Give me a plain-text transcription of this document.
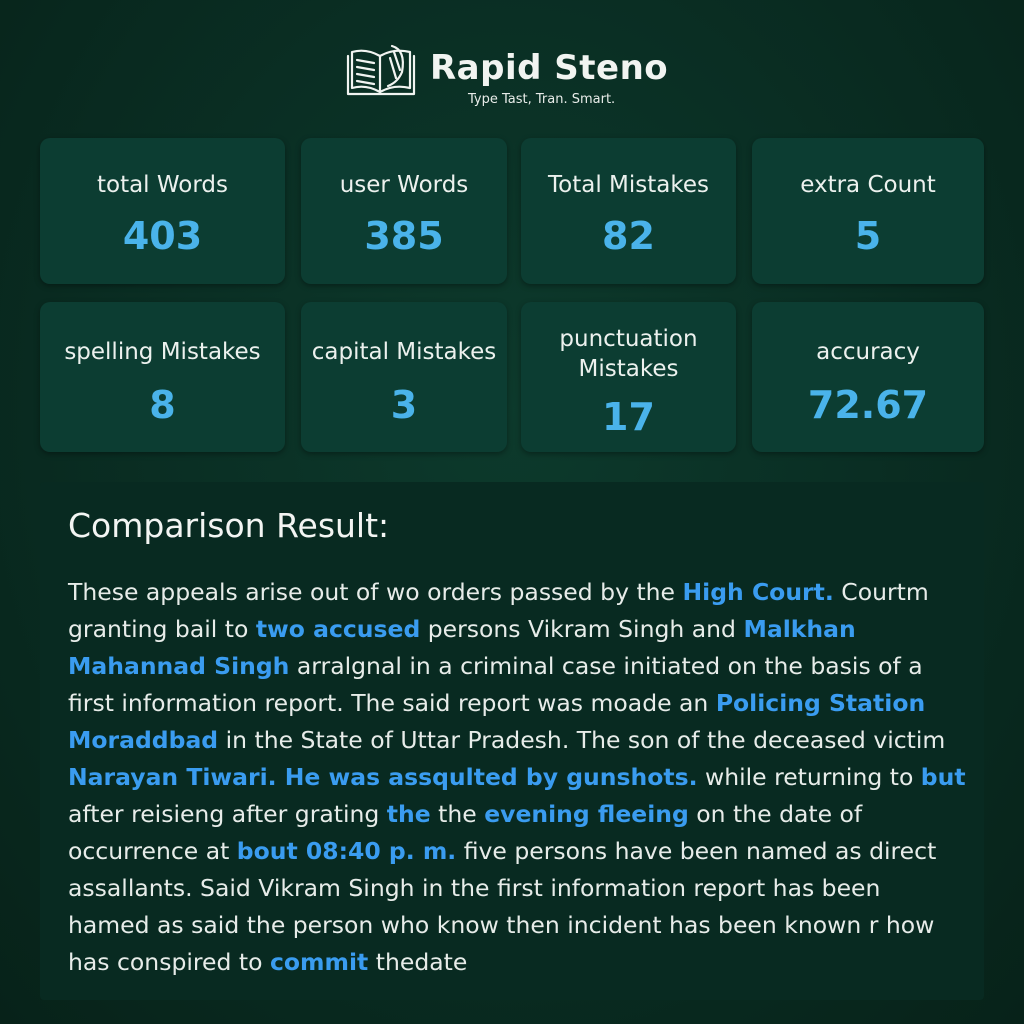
Rapid Steno
Type Tast, Tran. Smart.
total Words
403
user Words
385
Total Mistakes
82
extra Count
5
spelling Mistakes
8
capital Mistakes
3
punctuation Mistakes
17
accuracy
72.67
Comparison Result:
These appeals arise out of wo orders passed by the High Court. Courtm granting bail to two accused persons Vikram Singh and Malkhan Mahannad Singh arralgnal in a criminal case initiated on the basis of a first information report. The said report was moade an Policing Station Moraddbad in the State of Uttar Pradesh. The son of the deceased victim Narayan Tiwari. He was assqulted by gunshots. while returning to but after reisieng after grating the the evening fleeing on the date of occurrence at bout 08:40 p. m. five persons have been named as direct assallants. Said Vikram Singh in the first information report has been hamed as said the person who know then incident has been known r how has conspired to commit thedate
